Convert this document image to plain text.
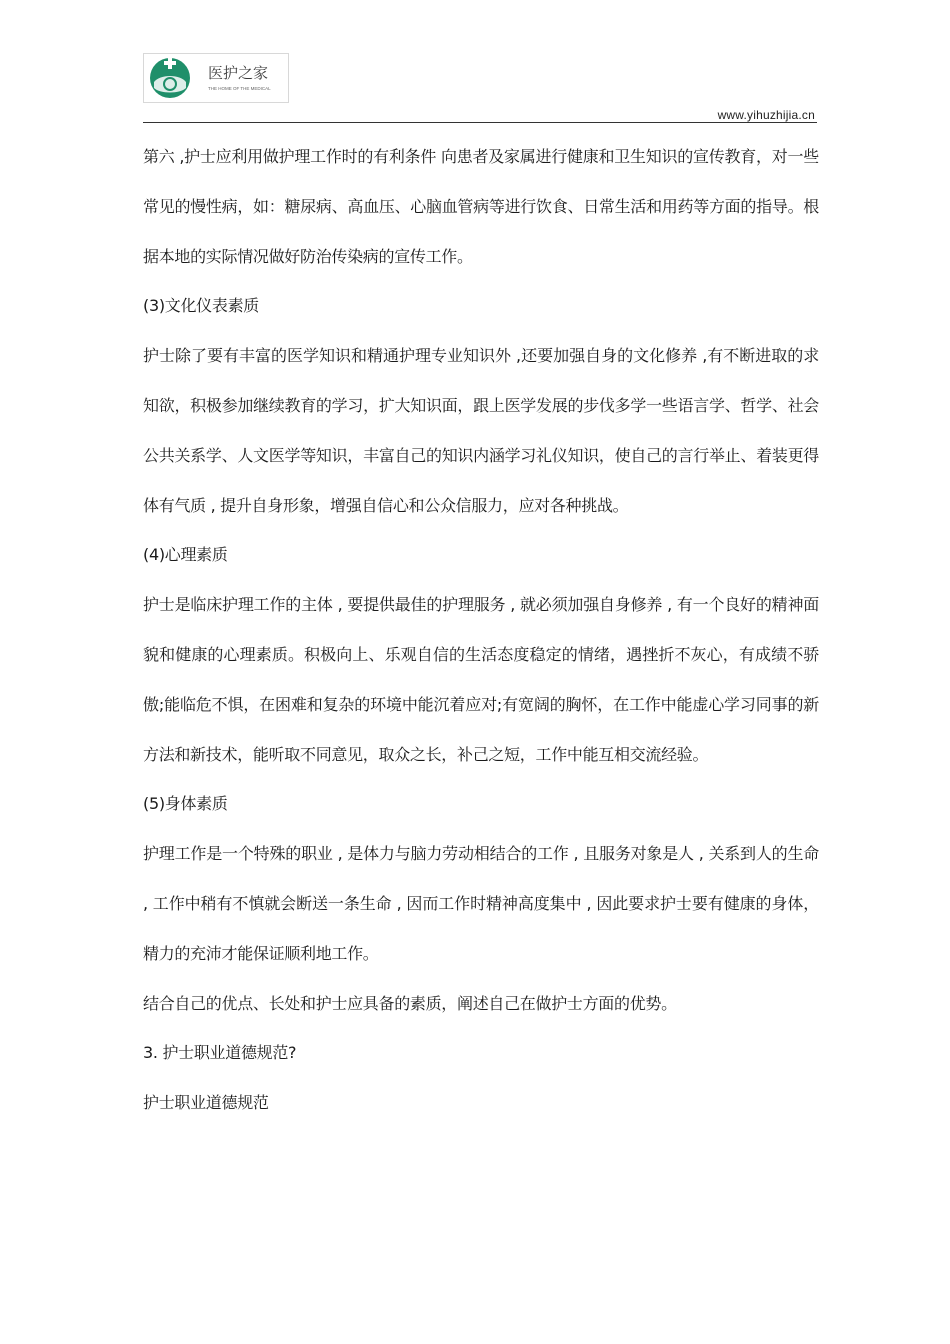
医护之家
THE HOME OF THE MEDICAL
www.yihuzhijia.cn

第六 ,护士应利用做护理工作时的有利条件 向患者及家属进行健康和卫生知识的宣传教育，对一些常见的慢性病，如：糖尿病、高血压、心脑血管病等进行饮食、日常生活和用药等方面的指导。根据本地的实际情况做好防治传染病的宣传工作。

(3)文化仪表素质

护士除了要有丰富的医学知识和精通护理专业知识外 ,还要加强自身的文化修养 ,有不断进取的求知欲，积极参加继续教育的学习，扩大知识面，跟上医学发展的步伐多学一些语言学、哲学、社会公共关系学、人文医学等知识，丰富自己的知识内涵学习礼仪知识，使自己的言行举止、着装更得体有气质 , 提升自身形象，增强自信心和公众信服力，应对各种挑战。

(4)心理素质

护士是临床护理工作的主体 , 要提供最佳的护理服务 , 就必须加强自身修养 , 有一个良好的精神面貌和健康的心理素质。积极向上、乐观自信的生活态度稳定的情绪，遇挫折不灰心，有成绩不骄傲;能临危不惧，在困难和复杂的环境中能沉着应对;有宽阔的胸怀，在工作中能虚心学习同事的新方法和新技术，能听取不同意见，取众之长，补己之短，工作中能互相交流经验。

(5)身体素质

护理工作是一个特殊的职业 , 是体力与脑力劳动相结合的工作 , 且服务对象是人 , 关系到人的生命 , 工作中稍有不慎就会断送一条生命 , 因而工作时精神高度集中 , 因此要求护士要有健康的身体，精力的充沛才能保证顺利地工作。

结合自己的优点、长处和护士应具备的素质，阐述自己在做护士方面的优势。

3. 护士职业道德规范?

护士职业道德规范
